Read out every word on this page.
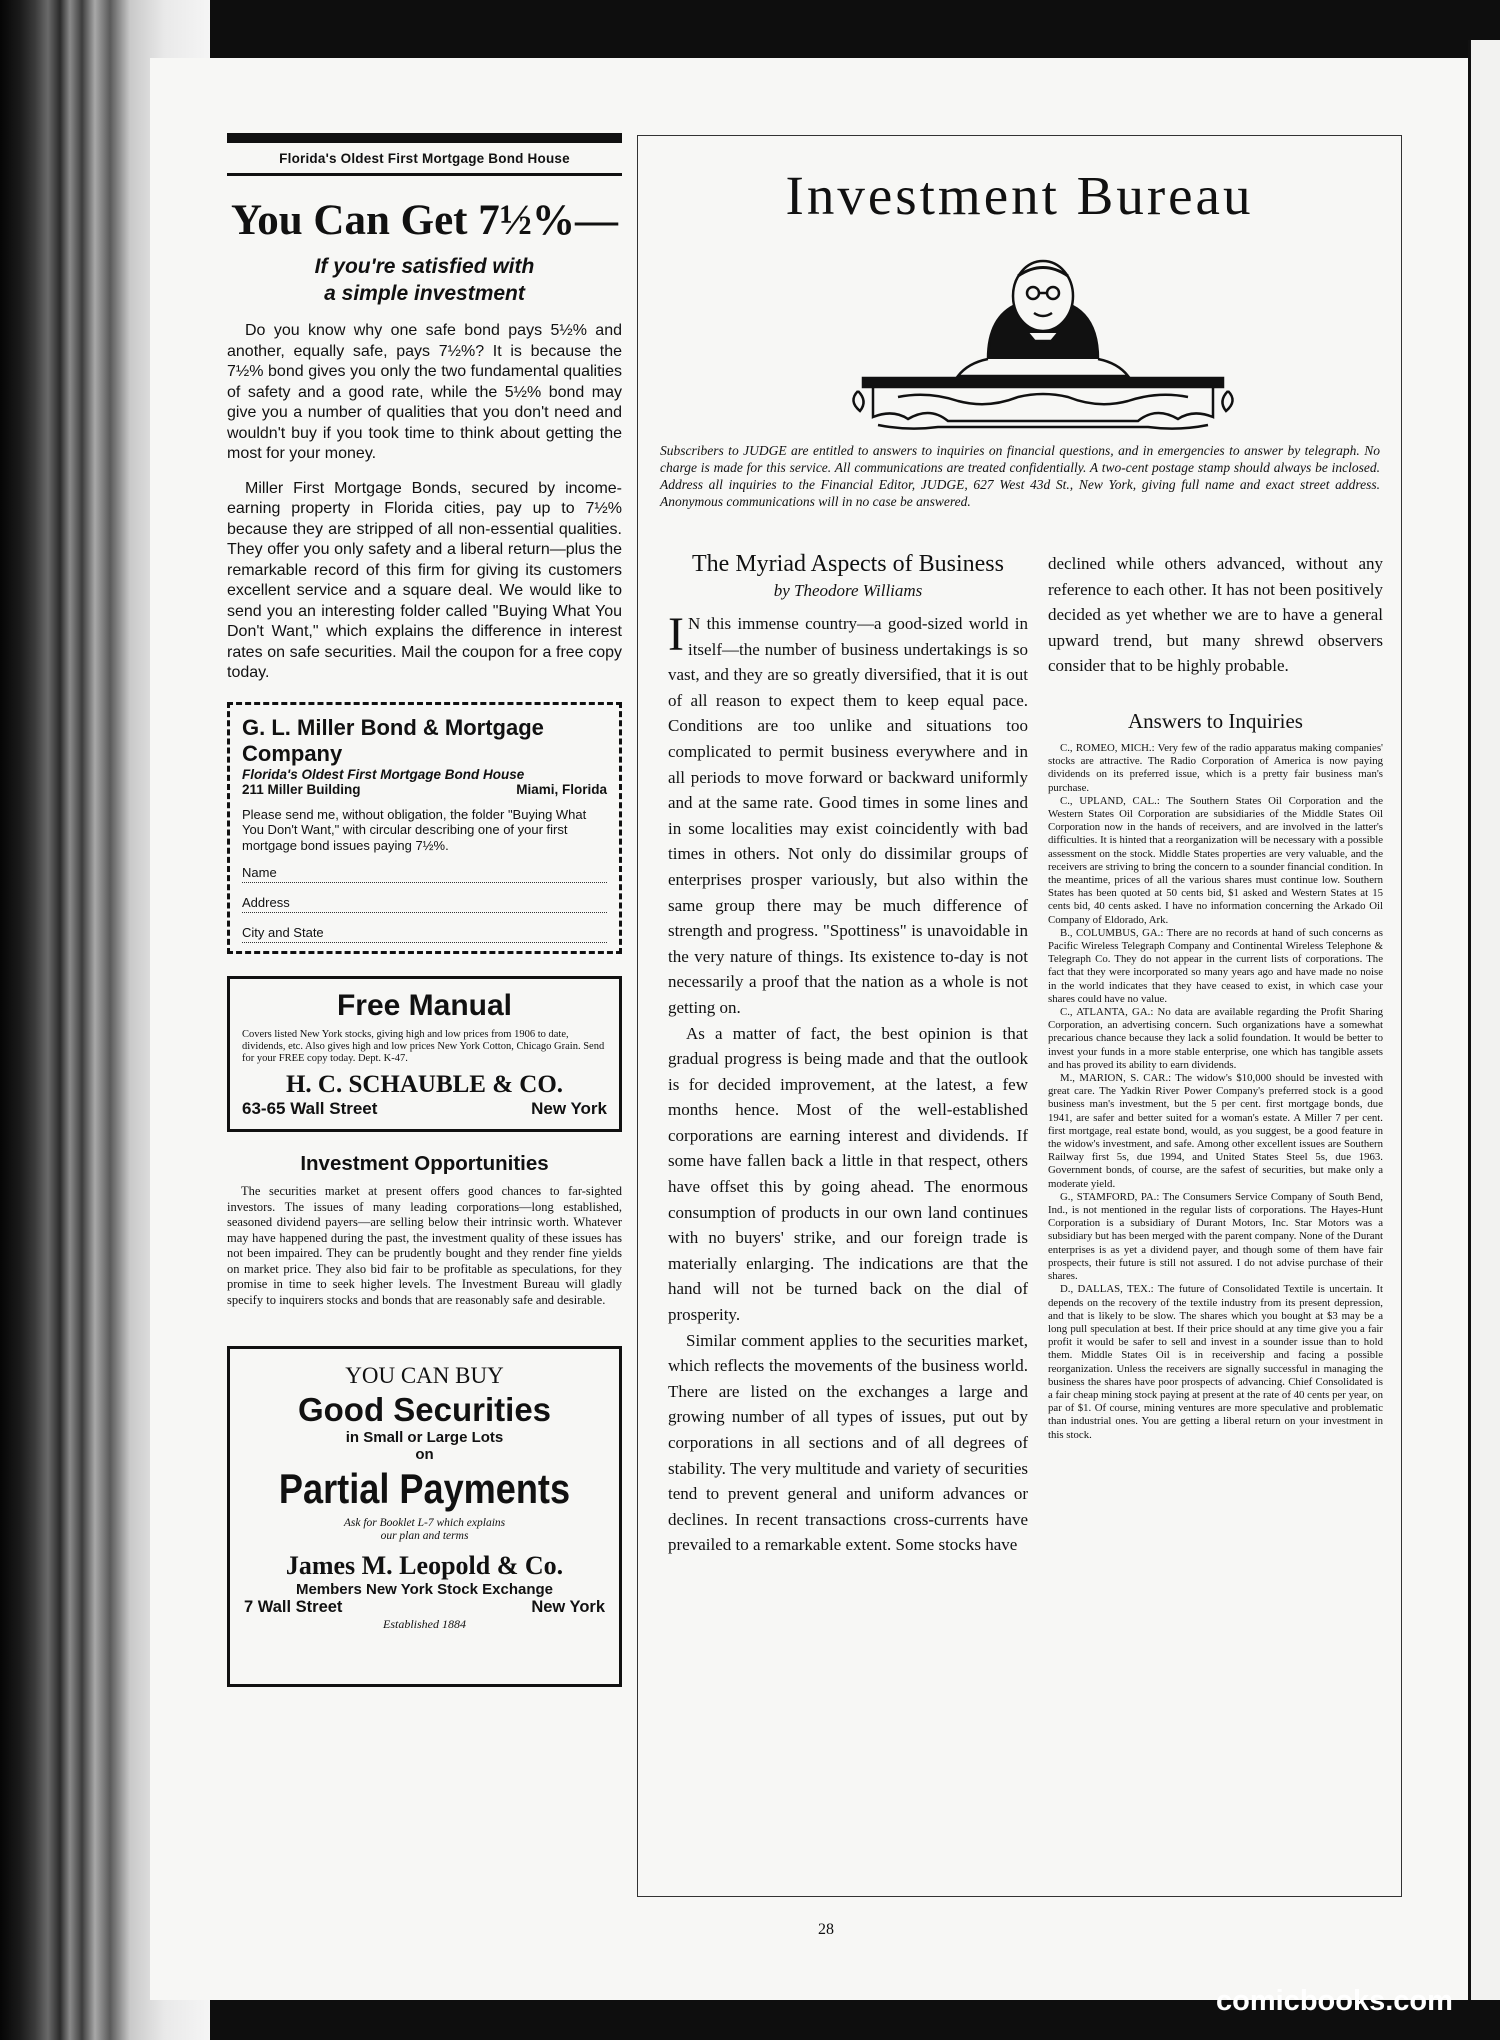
Florida's Oldest First Mortgage Bond House
You Can Get 7½%—
If you're satisfied with
a simple investment

Do you know why one safe bond pays 5½% and another, equally safe, pays 7½%? It is because the 7½% bond gives you only the two fundamental qualities of safety and a good rate, while the 5½% bond may give you a number of qualities that you don't need and wouldn't buy if you took time to think about getting the most for your money.

Miller First Mortgage Bonds, secured by income-earning property in Florida cities, pay up to 7½% because they are stripped of all non-essential qualities. They offer you only safety and a liberal return—plus the remarkable record of this firm for giving its customers excellent service and a square deal. We would like to send you an interesting folder called "Buying What You Don't Want," which explains the difference in interest rates on safe securities. Mail the coupon for a free copy today.

G. L. Miller Bond & Mortgage Company
Florida's Oldest First Mortgage Bond House
211 Miller Building	Miami, Florida
Please send me, without obligation, the folder "Buying What You Don't Want," with circular describing one of your first mortgage bond issues paying 7½%.
Name
Address
City and State
Free Manual
Covers listed New York stocks, giving high and low prices from 1906 to date, dividends, etc. Also gives high and low prices New York Cotton, Chicago Grain. Send for your FREE copy today. Dept. K-47.
H. C. SCHAUBLE & CO.
63-65 Wall Street	New York
Investment Opportunities
The securities market at present offers good chances to far-sighted investors. The issues of many leading corporations—long established, seasoned dividend payers—are selling below their intrinsic worth. Whatever may have happened during the past, the investment quality of these issues has not been impaired. They can be prudently bought and they render fine yields on market price. They also bid fair to be profitable as speculations, for they promise in time to seek higher levels. The Investment Bureau will gladly specify to inquirers stocks and bonds that are reasonably safe and desirable.
YOU CAN BUY
Good Securities
in Small or Large Lots
on
Partial Payments
Ask for Booklet L-7 which explains
our plan and terms
James M. Leopold & Co.
Members New York Stock Exchange
7 Wall Street	New York
Established 1884
Investment Bureau
Subscribers to JUDGE are entitled to answers to inquiries on financial questions, and in emergencies to answer by telegraph. No charge is made for this service. All communications are treated confidentially. A two-cent postage stamp should always be inclosed. Address all inquiries to the Financial Editor, JUDGE, 627 West 43d St., New York, giving full name and exact street address. Anonymous communications will in no case be answered.
The Myriad Aspects of Business
by Theodore Williams

I N this immense country—a good-sized world in itself—the number of business undertakings is so vast, and they are so greatly diversified, that it is out of all reason to expect them to keep equal pace. Conditions are too unlike and situations too complicated to permit business everywhere and in all periods to move forward or backward uniformly and at the same rate. Good times in some lines and in some localities may exist coincidently with bad times in others. Not only do dissimilar groups of enterprises prosper variously, but also within the same group there may be much difference of strength and progress. "Spottiness" is unavoidable in the very nature of things. Its existence to-day is not necessarily a proof that the nation as a whole is not getting on.

As a matter of fact, the best opinion is that gradual progress is being made and that the outlook is for decided improvement, at the latest, a few months hence. Most of the well-established corporations are earning interest and dividends. If some have fallen back a little in that respect, others have offset this by going ahead. The enormous consumption of products in our own land continues with no buyers' strike, and our foreign trade is materially enlarging. The indications are that the hand will not be turned back on the dial of prosperity.

Similar comment applies to the securities market, which reflects the movements of the business world. There are listed on the exchanges a large and growing number of all types of issues, put out by corporations in all sections and of all degrees of stability. The very multitude and variety of securities tend to prevent general and uniform advances or declines. In recent transactions cross-currents have prevailed to a remarkable extent. Some stocks have

declined while others advanced, without any reference to each other. It has not been positively decided as yet whether we are to have a general upward trend, but many shrewd observers consider that to be highly probable.

Answers to Inquiries

C., ROMEO, MICH.: Very few of the radio apparatus making companies' stocks are attractive. The Radio Corporation of America is now paying dividends on its preferred issue, which is a pretty fair business man's purchase.

C., UPLAND, CAL.: The Southern States Oil Corporation and the Western States Oil Corporation are subsidiaries of the Middle States Oil Corporation now in the hands of receivers, and are involved in the latter's difficulties. It is hinted that a reorganization will be necessary with a possible assessment on the stock. Middle States properties are very valuable, and the receivers are striving to bring the concern to a sounder financial condition. In the meantime, prices of all the various shares must continue low. Southern States has been quoted at 50 cents bid, $1 asked and Western States at 15 cents bid, 40 cents asked. I have no information concerning the Arkado Oil Company of Eldorado, Ark.

B., COLUMBUS, GA.: There are no records at hand of such concerns as Pacific Wireless Telegraph Company and Continental Wireless Telephone & Telegraph Co. They do not appear in the current lists of corporations. The fact that they were incorporated so many years ago and have made no noise in the world indicates that they have ceased to exist, in which case your shares could have no value.

C., ATLANTA, GA.: No data are available regarding the Profit Sharing Corporation, an advertising concern. Such organizations have a somewhat precarious chance because they lack a solid foundation. It would be better to invest your funds in a more stable enterprise, one which has tangible assets and has proved its ability to earn dividends.

M., MARION, S. CAR.: The widow's $10,000 should be invested with great care. The Yadkin River Power Company's preferred stock is a good business man's investment, but the 5 per cent. first mortgage bonds, due 1941, are safer and better suited for a woman's estate. A Miller 7 per cent. first mortgage, real estate bond, would, as you suggest, be a good feature in the widow's investment, and safe. Among other excellent issues are Southern Railway first 5s, due 1994, and United States Steel 5s, due 1963. Government bonds, of course, are the safest of securities, but make only a moderate yield.

G., STAMFORD, PA.: The Consumers Service Company of South Bend, Ind., is not mentioned in the regular lists of corporations. The Hayes-Hunt Corporation is a subsidiary of Durant Motors, Inc. Star Motors was a subsidiary but has been merged with the parent company. None of the Durant enterprises is as yet a dividend payer, and though some of them have fair prospects, their future is still not assured. I do not advise purchase of their shares.

D., DALLAS, TEX.: The future of Consolidated Textile is uncertain. It depends on the recovery of the textile industry from its present depression, and that is likely to be slow. The shares which you bought at $3 may be a long pull speculation at best. If their price should at any time give you a fair profit it would be safer to sell and invest in a sounder issue than to hold them. Middle States Oil is in receivership and facing a possible reorganization. Unless the receivers are signally successful in managing the business the shares have poor prospects of advancing. Chief Consolidated is a fair cheap mining stock paying at present at the rate of 40 cents per year, on par of $1. Of course, mining ventures are more speculative and problematic than industrial ones. You are getting a liberal return on your investment in this stock.

28
comicbooks.com
